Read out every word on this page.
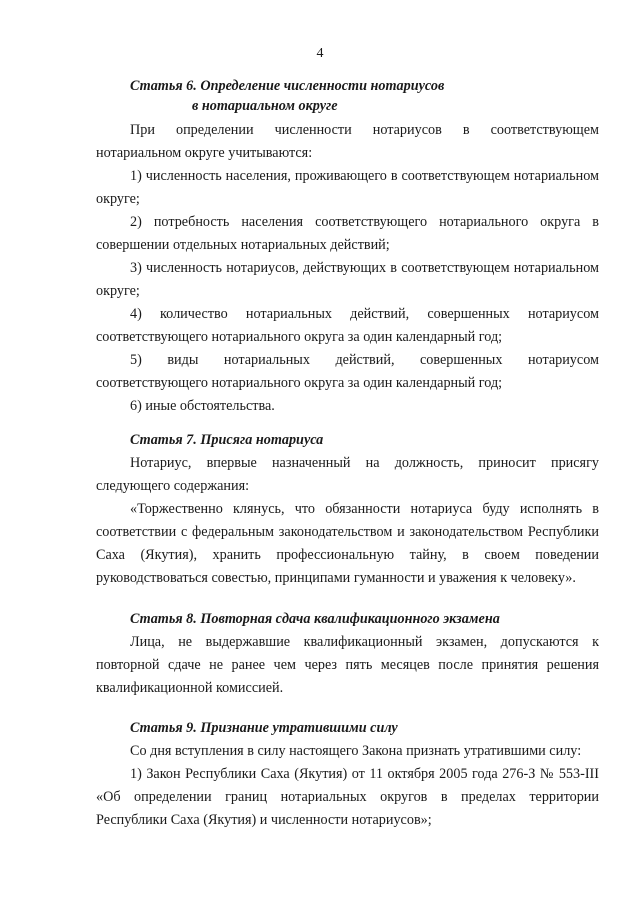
4
Статья 6. Определение численности нотариусов
в нотариальном округе

При определении численности нотариусов в соответствующем нотариальном округе учитываются:

1) численность населения, проживающего в соответствующем нотариальном округе;

2) потребность населения соответствующего нотариального округа в совершении отдельных нотариальных действий;

3) численность нотариусов, действующих в соответствующем нотариальном округе;

4) количество нотариальных действий, совершенных нотариусом соответствующего нотариального округа за один календарный год;

5) виды нотариальных действий, совершенных нотариусом соответствующего нотариального округа за один календарный год;

6) иные обстоятельства.

Статья 7. Присяга нотариуса

Нотариус, впервые назначенный на должность, приносит присягу следующего содержания:

«Торжественно клянусь, что обязанности нотариуса буду исполнять в соответствии с федеральным законодательством и законодательством Республики Саха (Якутия), хранить профессиональную тайну, в своем поведении руководствоваться совестью, принципами гуманности и уважения к человеку».

Статья 8. Повторная сдача квалификационного экзамена

Лица, не выдержавшие квалификационный экзамен, допускаются к повторной сдаче не ранее чем через пять месяцев после принятия решения квалификационной комиссией.

Статья 9. Признание утратившими силу

Со дня вступления в силу настоящего Закона признать утратившими силу:

1) Закон Республики Саха (Якутия) от 11 октября 2005 года 276-З № 553-III «Об определении границ нотариальных округов в пределах территории Республики Саха (Якутия) и численности нотариусов»;
